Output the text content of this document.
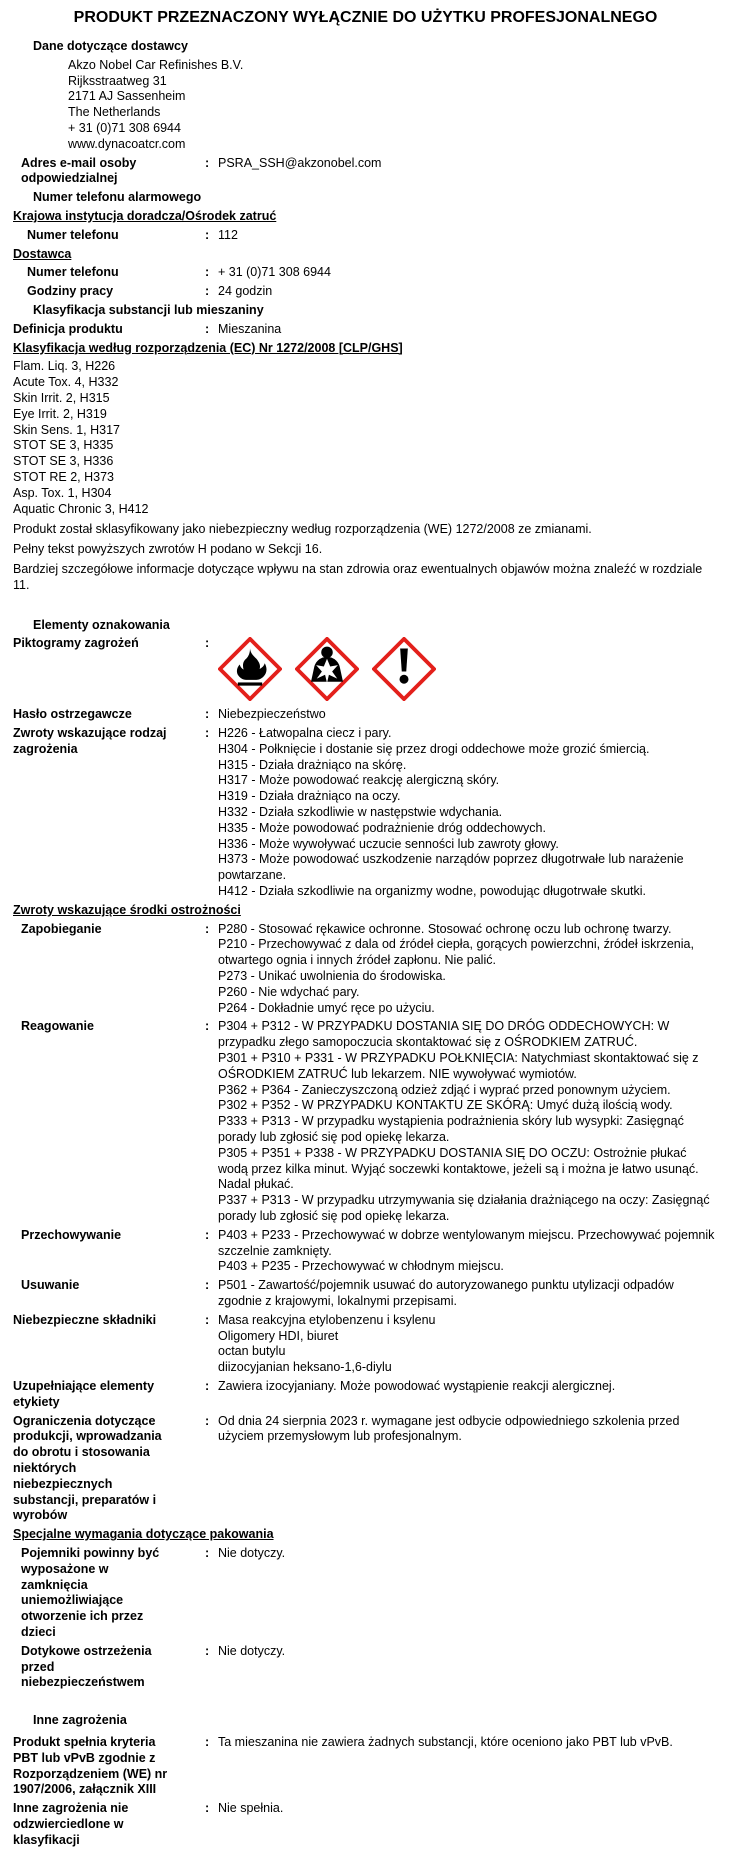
PRODUKT PRZEZNACZONY WYŁĄCZNIE DO UŻYTKU PROFESJONALNEGO
Dane dotyczące dostawcy
Akzo Nobel Car Refinishes B.V.
Rijksstraatweg 31
2171 AJ Sassenheim
The Netherlands
+ 31 (0)71 308 6944
www.dynacoatcr.com
Adres e-mail osoby
odpowiedzialnej
: PSRA_SSH@akzonobel.com
Numer telefonu alarmowego
Krajowa instytucja doradcza/Ośrodek zatruć
Numer telefonu	: 112
Dostawca
Numer telefonu	: + 31 (0)71 308 6944
Godziny pracy	: 24 godzin
Klasyfikacja substancji lub mieszaniny
Definicja produktu	: Mieszanina
Klasyfikacja według rozporządzenia (EC) Nr 1272/2008 [CLP/GHS]
Flam. Liq. 3, H226
Acute Tox. 4, H332
Skin Irrit. 2, H315
Eye Irrit. 2, H319
Skin Sens. 1, H317
STOT SE 3, H335
STOT SE 3, H336
STOT RE 2, H373
Asp. Tox. 1, H304
Aquatic Chronic 3, H412
Produkt został sklasyfikowany jako niebezpieczny według rozporządzenia (WE) 1272/2008 ze zmianami.
Pełny tekst powyższych zwrotów H podano w Sekcji 16.
Bardziej szczegółowe informacje dotyczące wpływu na stan zdrowia oraz ewentualnych objawów można znaleźć w rozdziale 11.
Elementy oznakowania
Piktogramy zagrożeń	:
Hasło ostrzegawcze	: Niebezpieczeństwo
Zwroty wskazujące rodzaj
zagrożenia
: H226 - Łatwopalna ciecz i pary.
H304 - Połknięcie i dostanie się przez drogi oddechowe może grozić śmiercią.
H315 - Działa drażniąco na skórę.
H317 - Może powodować reakcję alergiczną skóry.
H319 - Działa drażniąco na oczy.
H332 - Działa szkodliwie w następstwie wdychania.
H335 - Może powodować podrażnienie dróg oddechowych.
H336 - Może wywoływać uczucie senności lub zawroty głowy.
H373 - Może powodować uszkodzenie narządów poprzez długotrwałe lub narażenie powtarzane.
H412 - Działa szkodliwie na organizmy wodne, powodując długotrwałe skutki.
Zwroty wskazujące środki ostrożności
Zapobieganie	: P280 - Stosować rękawice ochronne. Stosować ochronę oczu lub ochronę twarzy.
P210 - Przechowywać z dala od źródeł ciepła, gorących powierzchni, źródeł iskrzenia, otwartego ognia i innych źródeł zapłonu. Nie palić.
P273 - Unikać uwolnienia do środowiska.
P260 - Nie wdychać pary.
P264 - Dokładnie umyć ręce po użyciu.
Reagowanie	: P304 + P312 - W PRZYPADKU DOSTANIA SIĘ DO DRÓG ODDECHOWYCH: W przypadku złego samopoczucia skontaktować się z OŚRODKIEM ZATRUĆ.
P301 + P310 + P331 - W PRZYPADKU POŁKNIĘCIA: Natychmiast skontaktować się z OŚRODKIEM ZATRUĆ lub lekarzem. NIE wywoływać wymiotów.
P362 + P364 - Zanieczyszczoną odzież zdjąć i wyprać przed ponownym użyciem.
P302 + P352 - W PRZYPADKU KONTAKTU ZE SKÓRĄ: Umyć dużą ilością wody.
P333 + P313 - W przypadku wystąpienia podrażnienia skóry lub wysypki: Zasięgnąć porady lub zgłosić się pod opiekę lekarza.
P305 + P351 + P338 - W PRZYPADKU DOSTANIA SIĘ DO OCZU: Ostrożnie płukać wodą przez kilka minut. Wyjąć soczewki kontaktowe, jeżeli są i można je łatwo usunąć. Nadal płukać.
P337 + P313 - W przypadku utrzymywania się działania drażniącego na oczy: Zasięgnąć porady lub zgłosić się pod opiekę lekarza.
Przechowywanie	: P403 + P233 - Przechowywać w dobrze wentylowanym miejscu. Przechowywać pojemnik szczelnie zamknięty.
P403 + P235 - Przechowywać w chłodnym miejscu.
Usuwanie	: P501 - Zawartość/pojemnik usuwać do autoryzowanego punktu utylizacji odpadów zgodnie z krajowymi, lokalnymi przepisami.
Niebezpieczne składniki	: Masa reakcyjna etylobenzenu i ksylenu
Oligomery HDI, biuret
octan butylu
diizocyjanian heksano-1,6-diylu
Uzupełniające elementy
etykiety
: Zawiera izocyjaniany. Może powodować wystąpienie reakcji alergicznej.
Ograniczenia dotyczące
produkcji, wprowadzania
do obrotu i stosowania
niektórych
niebezpiecznych
substancji, preparatów i
wyrobów
: Od dnia 24 sierpnia 2023 r. wymagane jest odbycie odpowiedniego szkolenia przed użyciem przemysłowym lub profesjonalnym.
Specjalne wymagania dotyczące pakowania
Pojemniki powinny być
wyposażone w
zamknięcia
uniemożliwiające
otworzenie ich przez
dzieci
: Nie dotyczy.
Dotykowe ostrzeżenia
przed
niebezpieczeństwem
: Nie dotyczy.
Inne zagrożenia
Produkt spełnia kryteria
PBT lub vPvB zgodnie z
Rozporządzeniem (WE) nr
1907/2006, załącznik XIII
: Ta mieszanina nie zawiera żadnych substancji, które oceniono jako PBT lub vPvB.
Inne zagrożenia nie
odzwierciedlone w
klasyfikacji
: Nie spełnia.
